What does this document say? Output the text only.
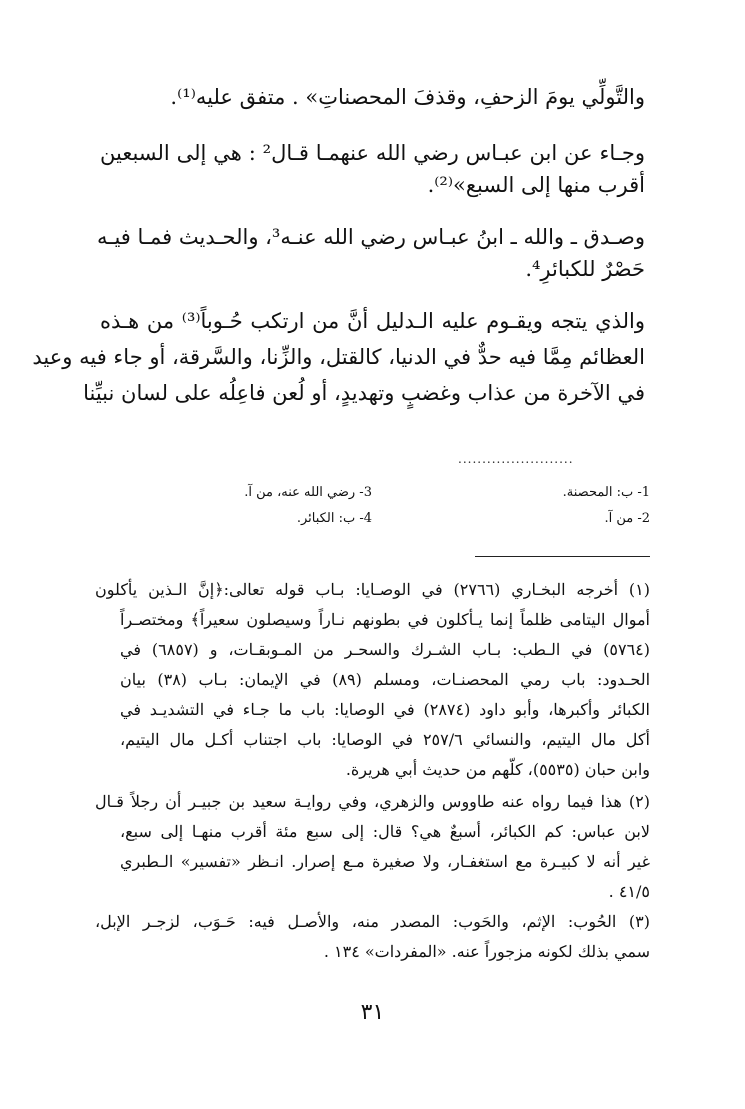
والتَّولِّي يومَ الزحفِ، وقذفَ المحصناتِ» . متفق عليه⁽¹⁾.
وجـاء عن ابن عبـاس رضي الله عنهمـا قـال² : هي إلى السبعين
أقرب منها إلى السبع»⁽²⁾.
وصـدق ـ والله ـ ابنُ عبـاس رضي الله عنـه³، والحـديث فمـا فيـه
حَصْرٌ للكبائرِ⁴.
والذي يتجه ويقـوم عليه الـدليل أنَّ من ارتكب حُـوباً⁽³⁾ من هـذه
العظائم مِمَّا فيه حدٌّ في الدنيا، كالقتل، والزِّنا، والسَّرقة، أو جاء فيه وعيد
في الآخرة من عذاب وغضبٍ وتهديدٍ، أو لُعن فاعِلُه على لسان نبيِّنا
........................
1- ب: المحصنة.
2- من آ.
3- رضي الله عنه، من آ.
4- ب: الكبائر.
(١) أخرجه البخـاري (٢٧٦٦) في الوصـايا: بـاب قوله تعالى:﴿إنَّ الـذين يأكلون
أموال اليتامى ظلماً إنما يـأكلون في بطونهم نـاراً وسيصلون سعيراً﴾ ومختصـراً
(٥٧٦٤) في الـطب: بـاب الشـرك والسحـر من المـوبقـات، و (٦٨٥٧) في
الحـدود: باب رمي المحصنـات، ومسلم (٨٩) في الإيمان: بـاب (٣٨) بيان
الكبائر وأكبرها، وأبو داود (٢٨٧٤) في الوصايا: باب ما جـاء في التشديـد في
أكل مال اليتيم، والنسائي ٢٥٧/٦ في الوصايا: باب اجتناب أكـل مال اليتيم،
وابن حبان (٥٥٣٥)، كلّهم من حديث أبي هريرة.
(٢) هذا فيما رواه عنه طاووس والزهري، وفي روايـة سعيد بن جبيـر أن رجلاً قـال
لابن عباس: كم الكبائر، أسبعٌ هي؟ قال: إلى سبع مئة أقرب منهـا إلى سبع،
غير أنه لا كبيـرة مع استغفـار، ولا صغيرة مـع إصرار. انـظر «تفسير» الـطبري
٤١/٥ .
(٣) الحُوب: الإثم، والحَوب: المصدر منه، والأصـل فيه: حَـوَب، لزجـر الإبل،
سمي بذلك لكونه مزجوراً عنه. «المفردات» ١٣٤ .
٣١
